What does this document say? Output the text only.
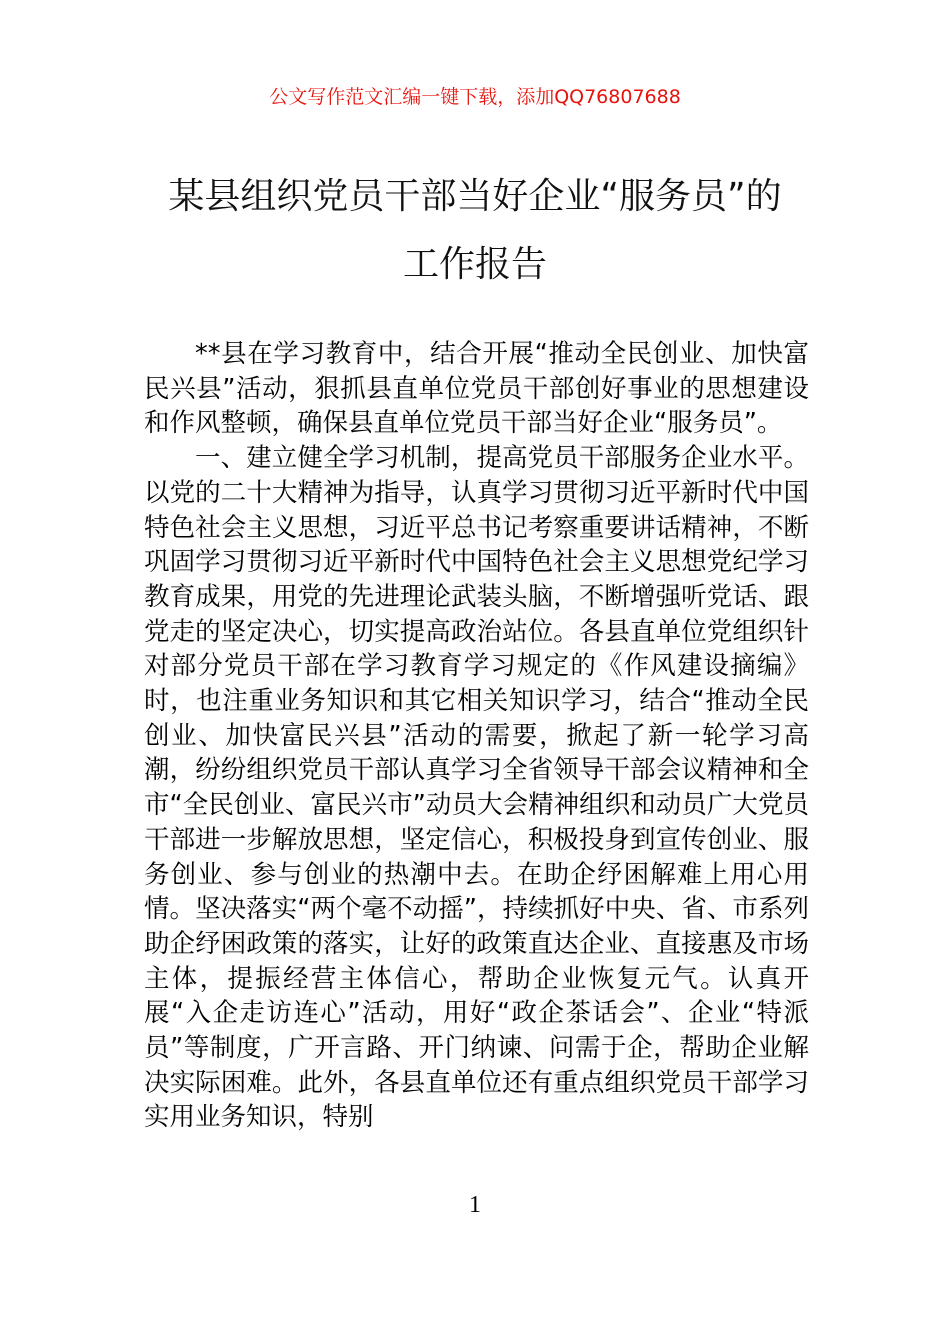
公文写作范文汇编一键下载，添加QQ76807688
某县组织党员干部当好企业“服务员”的
工作报告

**县在学习教育中，结合开展“推动全民创业、加快富民兴县”活动，狠抓县直单位党员干部创好事业的思想建设和作风整顿，确保县直单位党员干部当好企业“服务员”。

一、建立健全学习机制，提高党员干部服务企业水平。以党的二十大精神为指导，认真学习贯彻习近平新时代中国特色社会主义思想，习近平总书记考察重要讲话精神，不断巩固学习贯彻习近平新时代中国特色社会主义思想党纪学习教育成果，用党的先进理论武装头脑，不断增强听党话、跟党走的坚定决心，切实提高政治站位。各县直单位党组织针对部分党员干部在学习教育学习规定的《作风建设摘编》时，也注重业务知识和其它相关知识学习，结合“推动全民创业、加快富民兴县”活动的需要，掀起了新一轮学习高潮，纷纷组织党员干部认真学习全省领导干部会议精神和全市“全民创业、富民兴市”动员大会精神组织和动员广大党员干部进一步解放思想，坚定信心，积极投身到宣传创业、服务创业、参与创业的热潮中去。在助企纾困解难上用心用情。坚决落实“两个毫不动摇”，持续抓好中央、省、市系列助企纾困政策的落实，让好的政策直达企业、直接惠及市场主体，提振经营主体信心，帮助企业恢复元气。认真开展“入企走访连心”活动，用好“政企茶话会”、企业“特派员”等制度，广开言路、开门纳谏、问需于企，帮助企业解决实际困难。此外，各县直单位还有重点组织党员干部学习实用业务知识，特别

1
